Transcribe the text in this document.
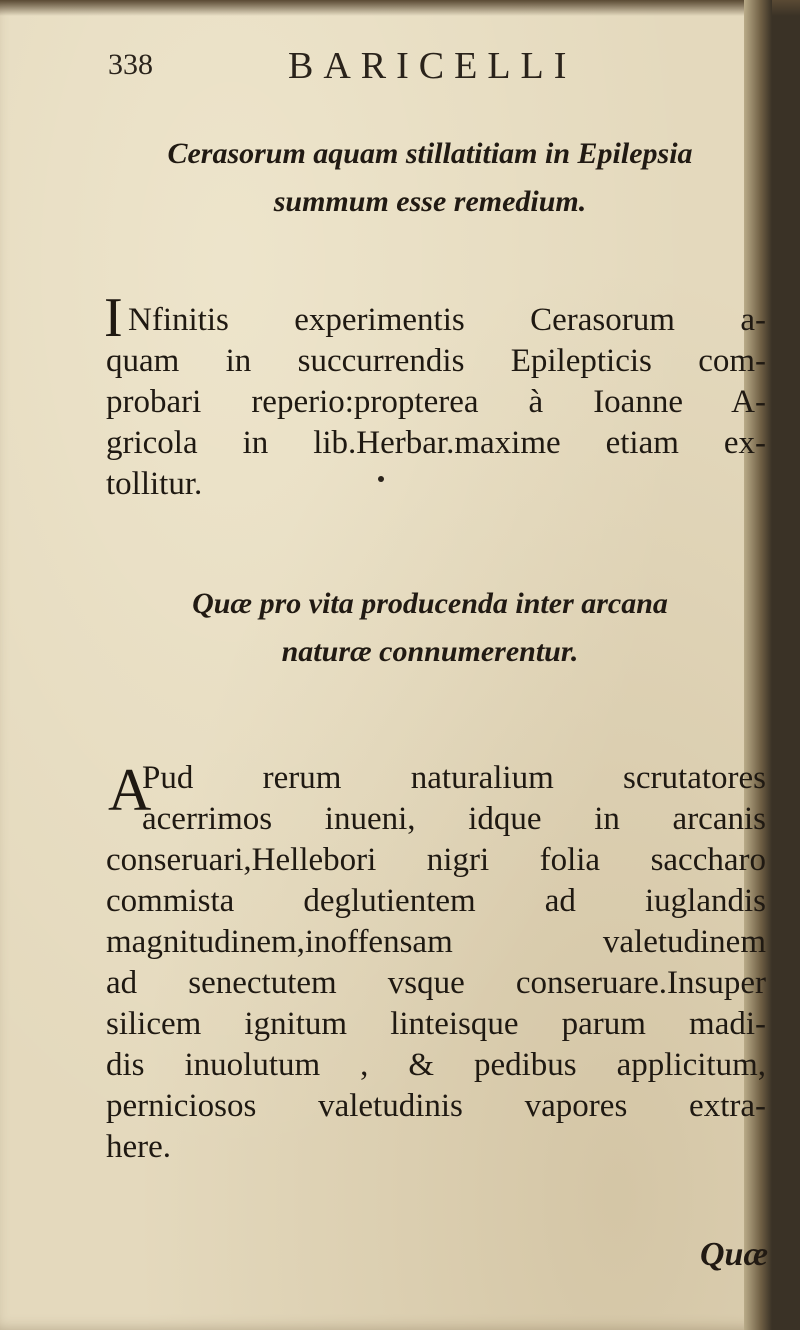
338	BARICELLI
Cerasorum aquam stillatitiam in Epilepsia
summum esse remedium.
I Nfinitis experimentis Cerasorum a-
quam in succurrendis Epilepticis com-
probari reperio:propterea à Ioanne A-
gricola in lib.Herbar.maxime etiam ex-
tollitur.
Quæ pro vita producenda inter arcana
naturæ connumerentur.
A
Pud rerum naturalium scrutatores
acerrimos inueni, idque in arcanis
conseruari,Hellebori nigri folia saccharo
commista deglutientem ad iuglandis
magnitudinem,inoffensam valetudinem
ad senectutem vsque conseruare.Insuper
silicem ignitum linteisque parum madi-
dis inuolutum , & pedibus applicitum,
perniciosos valetudinis vapores extra-
here.
Quæ
